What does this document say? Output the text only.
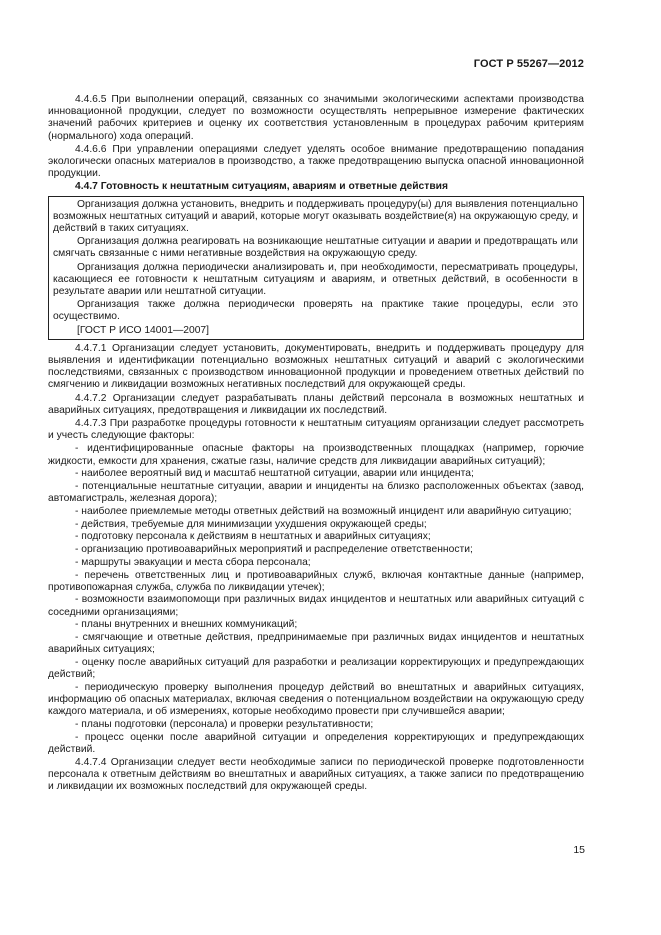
ГОСТ Р 55267—2012
4.4.6.5 При выполнении операций, связанных со значимыми экологическими аспектами производства инновационной продукции, следует по возможности осуществлять непрерывное измерение фактических значений рабочих критериев и оценку их соответствия установленным в процедурах рабочим критериям (нормального) хода операций.
4.4.6.6 При управлении операциями следует уделять особое внимание предотвращению попадания экологически опасных материалов в производство, а также предотвращению выпуска опасной инновационной продукции.
4.4.7 Готовность к нештатным ситуациям, авариям и ответные действия
Организация должна установить, внедрить и поддерживать процедуру(ы) для выявления потенциально возможных нештатных ситуаций и аварий, которые могут оказывать воздействие(я) на окружающую среду, и действий в таких ситуациях.
Организация должна реагировать на возникающие нештатные ситуации и аварии и предотвращать или смягчать связанные с ними негативные воздействия на окружающую среду.
Организация должна периодически анализировать и, при необходимости, пересматривать процедуры, касающиеся ее готовности к нештатным ситуациям и авариям, и ответных действий, в особенности в результате аварии или нештатной ситуации.
Организация также должна периодически проверять на практике такие процедуры, если это осуществимо.
[ГОСТ Р ИСО 14001—2007]
4.4.7.1 Организации следует установить, документировать, внедрить и поддерживать процедуру для выявления и идентификации потенциально возможных нештатных ситуаций и аварий с экологическими последствиями, связанных с производством инновационной продукции и проведением ответных действий по смягчению и ликвидации возможных негативных последствий для окружающей среды.
4.4.7.2 Организации следует разрабатывать планы действий персонала в возможных нештатных и аварийных ситуациях, предотвращения и ликвидации их последствий.
4.4.7.3 При разработке процедуры готовности к нештатным ситуациям организации следует рассмотреть и учесть следующие факторы:
- идентифицированные опасные факторы на производственных площадках (например, горючие жидкости, емкости для хранения, сжатые газы, наличие средств для ликвидации аварийных ситуаций);
- наиболее вероятный вид и масштаб нештатной ситуации, аварии или инцидента;
- потенциальные нештатные ситуации, аварии и инциденты на близко расположенных объектах (завод, автомагистраль, железная дорога);
- наиболее приемлемые методы ответных действий на возможный инцидент или аварийную ситуацию;
- действия, требуемые для минимизации ухудшения окружающей среды;
- подготовку персонала к действиям в нештатных и аварийных ситуациях;
- организацию противоаварийных мероприятий и распределение ответственности;
- маршруты эвакуации и места сбора персонала;
- перечень ответственных лиц и противоаварийных служб, включая контактные данные (например, противопожарная служба, служба по ликвидации утечек);
- возможности взаимопомощи при различных видах инцидентов и нештатных или аварийных ситуаций с соседними организациями;
- планы внутренних и внешних коммуникаций;
- смягчающие и ответные действия, предпринимаемые при различных видах инцидентов и нештатных аварийных ситуациях;
- оценку после аварийных ситуаций для разработки и реализации корректирующих и предупреждающих действий;
- периодическую проверку выполнения процедур действий во внештатных и аварийных ситуациях, информацию об опасных материалах, включая сведения о потенциальном воздействии на окружающую среду каждого материала, и об измерениях, которые необходимо провести при случившейся аварии;
- планы подготовки (персонала) и проверки результативности;
- процесс оценки после аварийной ситуации и определения корректирующих и предупреждающих действий.
4.4.7.4 Организации следует вести необходимые записи по периодической проверке подготовленности персонала к ответным действиям во внештатных и аварийных ситуациях, а также записи по предотвращению и ликвидации их возможных последствий для окружающей среды.
15
